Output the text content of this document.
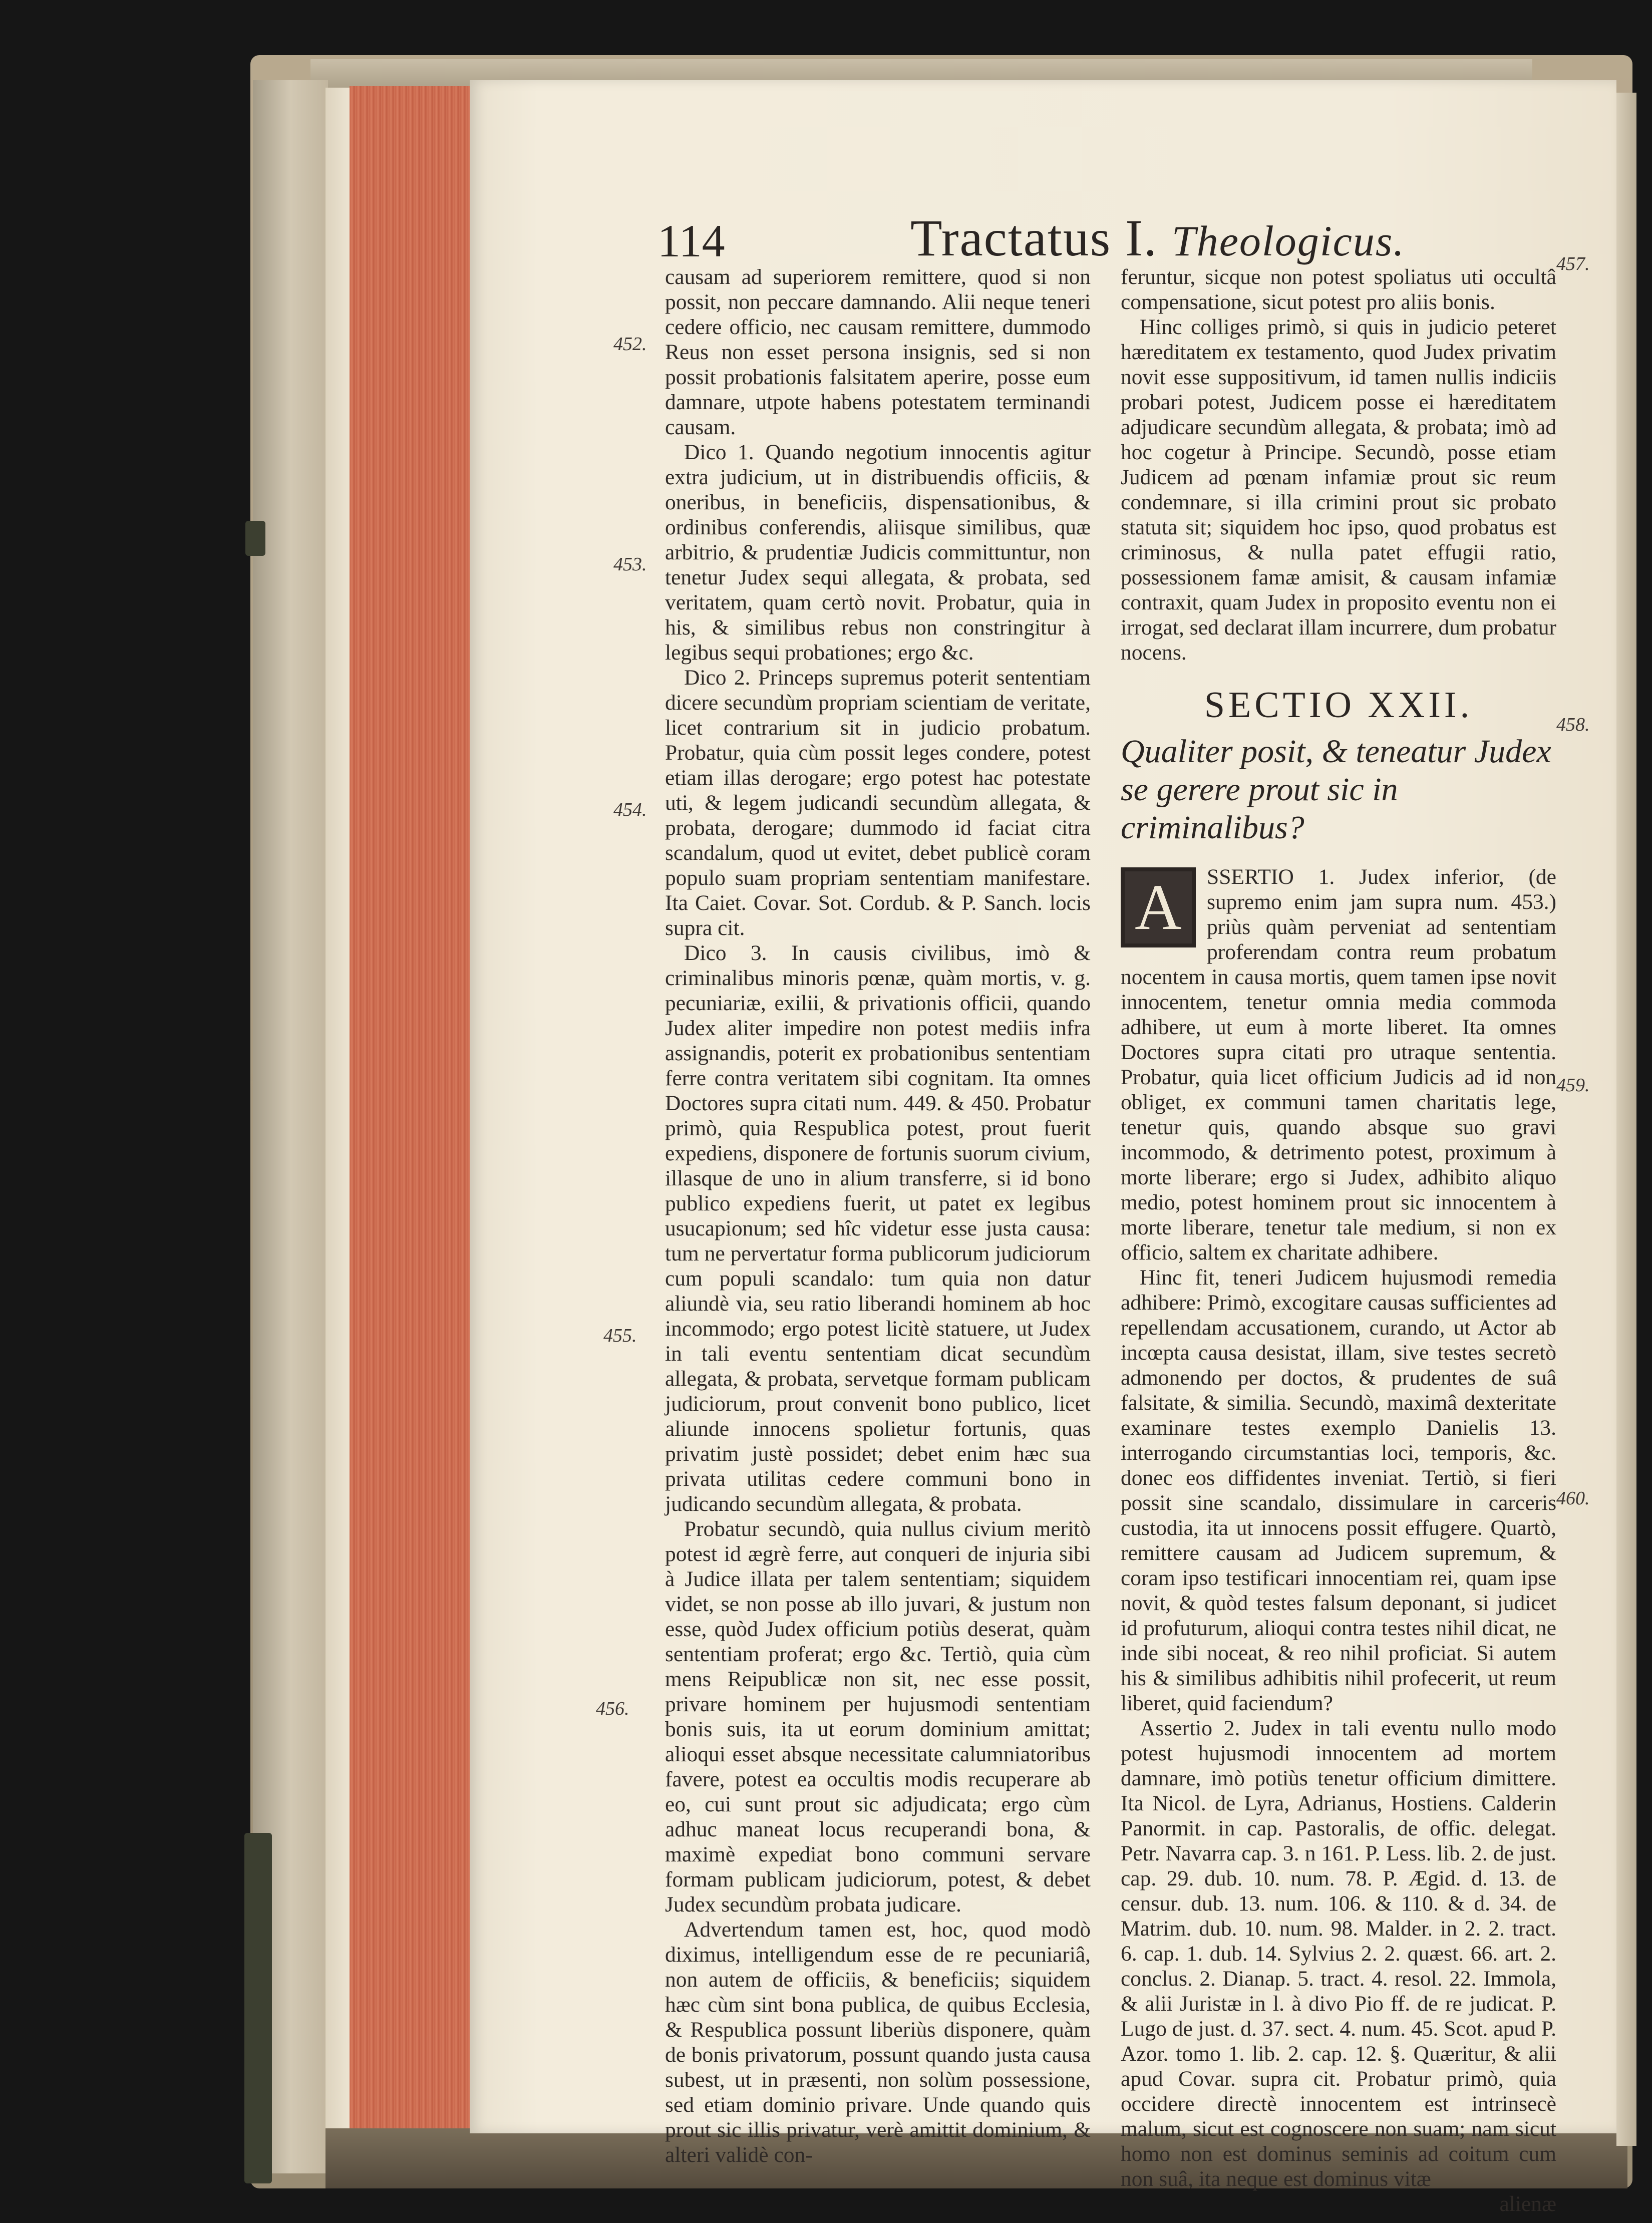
114	Tractatus I. Theologicus.
452.
453.
454.
455.
456.
457.
458.
459.
460.

causam ad superiorem remittere, quod si non possit, non peccare damnando. Alii neque teneri cedere officio, nec causam remittere, dummodo Reus non esset persona insignis, sed si non possit probationis falsitatem aperire, posse eum damnare, utpote habens potestatem terminandi causam.

Dico 1. Quando negotium innocentis agitur extra judicium, ut in distribuendis officiis, & oneribus, in beneficiis, dispensationibus, & ordinibus conferendis, aliisque similibus, quæ arbitrio, & prudentiæ Judicis committuntur, non tenetur Judex sequi allegata, & probata, sed veritatem, quam certò novit. Probatur, quia in his, & similibus rebus non constringitur à legibus sequi probationes; ergo &c.

Dico 2. Princeps supremus poterit sententiam dicere secundùm propriam scientiam de veritate, licet contrarium sit in judicio probatum. Probatur, quia cùm possit leges condere, potest etiam illas derogare; ergo potest hac potestate uti, & legem judicandi secundùm allegata, & probata, derogare; dummodo id faciat citra scandalum, quod ut evitet, debet publicè coram populo suam propriam sententiam manifestare. Ita Caiet. Covar. Sot. Cordub. & P. Sanch. locis supra cit.

Dico 3. In causis civilibus, imò & criminalibus minoris pœnæ, quàm mortis, v. g. pecuniariæ, exilii, & privationis officii, quando Judex aliter impedire non potest mediis infra assignandis, poterit ex probationibus sententiam ferre contra veritatem sibi cognitam. Ita omnes Doctores supra citati num. 449. & 450. Probatur primò, quia Respublica potest, prout fuerit expediens, disponere de fortunis suorum civium, illasque de uno in alium transferre, si id bono publico expediens fuerit, ut patet ex legibus usucapionum; sed hîc videtur esse justa causa: tum ne pervertatur forma publicorum judiciorum cum populi scandalo: tum quia non datur aliundè via, seu ratio liberandi hominem ab hoc incommodo; ergo potest licitè statuere, ut Judex in tali eventu sententiam dicat secundùm allegata, & probata, servetque formam publicam judiciorum, prout convenit bono publico, licet aliunde innocens spolietur fortunis, quas privatim justè possidet; debet enim hæc sua privata utilitas cedere communi bono in judicando secundùm allegata, & probata.

Probatur secundò, quia nullus civium meritò potest id ægrè ferre, aut conqueri de injuria sibi à Judice illata per talem sententiam; siquidem videt, se non posse ab illo juvari, & justum non esse, quòd Judex officium potiùs deserat, quàm sententiam proferat; ergo &c. Tertiò, quia cùm mens Reipublicæ non sit, nec esse possit, privare hominem per hujusmodi sententiam bonis suis, ita ut eorum dominium amittat; alioqui esset absque necessitate calumniatoribus favere, potest ea occultis modis recuperare ab eo, cui sunt prout sic adjudicata; ergo cùm adhuc maneat locus recuperandi bona, & maximè expediat bono communi servare formam publicam judiciorum, potest, & debet Judex secundùm probata judicare.

Advertendum tamen est, hoc, quod modò diximus, intelligendum esse de re pecuniariâ, non autem de officiis, & beneficiis; siquidem hæc cùm sint bona publica, de quibus Ecclesia, & Respublica possunt liberiùs disponere, quàm de bonis privatorum, possunt quando justa causa subest, ut in præsenti, non solùm possessione, sed etiam dominio privare. Unde quando quis prout sic illis privatur, verè amittit dominium, & alteri validè con-

feruntur, sicque non potest spoliatus uti occultâ compensatione, sicut potest pro aliis bonis.

Hinc colliges primò, si quis in judicio peteret hæreditatem ex testamento, quod Judex privatim novit esse suppositivum, id tamen nullis indiciis probari potest, Judicem posse ei hæreditatem adjudicare secundùm allegata, & probata; imò ad hoc cogetur à Principe. Secundò, posse etiam Judicem ad pœnam infamiæ prout sic reum condemnare, si illa crimini prout sic probato statuta sit; siquidem hoc ipso, quod probatus est criminosus, & nulla patet effugii ratio, possessionem famæ amisit, & causam infamiæ contraxit, quam Judex in proposito eventu non ei irrogat, sed declarat illam incurrere, dum probatur nocens.

SECTIO XXII.
Qualiter posit, & teneatur Judex se gerere prout sic in criminalibus?

A	SSERTIO 1. Judex inferior, (de supremo enim jam supra num. 453.) priùs quàm perveniat ad sententiam proferendam contra reum probatum nocentem in causa mortis, quem tamen ipse novit innocentem, tenetur omnia media commoda adhibere, ut eum à morte liberet. Ita omnes Doctores supra citati pro utraque sententia. Probatur, quia licet officium Judicis ad id non obliget, ex communi tamen charitatis lege, tenetur quis, quando absque suo gravi incommodo, & detrimento potest, proximum à morte liberare; ergo si Judex, adhibito aliquo medio, potest hominem prout sic innocentem à morte liberare, tenetur tale medium, si non ex officio, saltem ex charitate adhibere.

Hinc fit, teneri Judicem hujusmodi remedia adhibere: Primò, excogitare causas sufficientes ad repellendam accusationem, curando, ut Actor ab incœpta causa desistat, illam, sive testes secretò admonendo per doctos, & prudentes de suâ falsitate, & similia. Secundò, maximâ dexteritate examinare testes exemplo Danielis 13. interrogando circumstantias loci, temporis, &c. donec eos diffidentes inveniat. Tertiò, si fieri possit sine scandalo, dissimulare in carceris custodia, ita ut innocens possit effugere. Quartò, remittere causam ad Judicem supremum, & coram ipso testificari innocentiam rei, quam ipse novit, & quòd testes falsum deponant, si judicet id profuturum, alioqui contra testes nihil dicat, ne inde sibi noceat, & reo nihil proficiat. Si autem his & similibus adhibitis nihil profecerit, ut reum liberet, quid faciendum?

Assertio 2. Judex in tali eventu nullo modo potest hujusmodi innocentem ad mortem damnare, imò potiùs tenetur officium dimittere. Ita Nicol. de Lyra, Adrianus, Hostiens. Calderin Panormit. in cap. Pastoralis, de offic. delegat. Petr. Navarra cap. 3. n 161. P. Less. lib. 2. de just. cap. 29. dub. 10. num. 78. P. Ægid. d. 13. de censur. dub. 13. num. 106. & 110. & d. 34. de Matrim. dub. 10. num. 98. Malder. in 2. 2. tract. 6. cap. 1. dub. 14. Sylvius 2. 2. quæst. 66. art. 2. conclus. 2. Dianap. 5. tract. 4. resol. 22. Immola, & alii Juristæ in l. à divo Pio ff. de re judicat. P. Lugo de just. d. 37. sect. 4. num. 45. Scot. apud P. Azor. tomo 1. lib. 2. cap. 12. §. Quæritur, & alii apud Covar. supra cit. Probatur primò, quia occidere directè innocentem est intrinsecè malum, sicut est cognoscere non suam; nam sicut homo non est dominus seminis ad coitum cum non suâ, ita neque est dominus vitæ

alienæ
